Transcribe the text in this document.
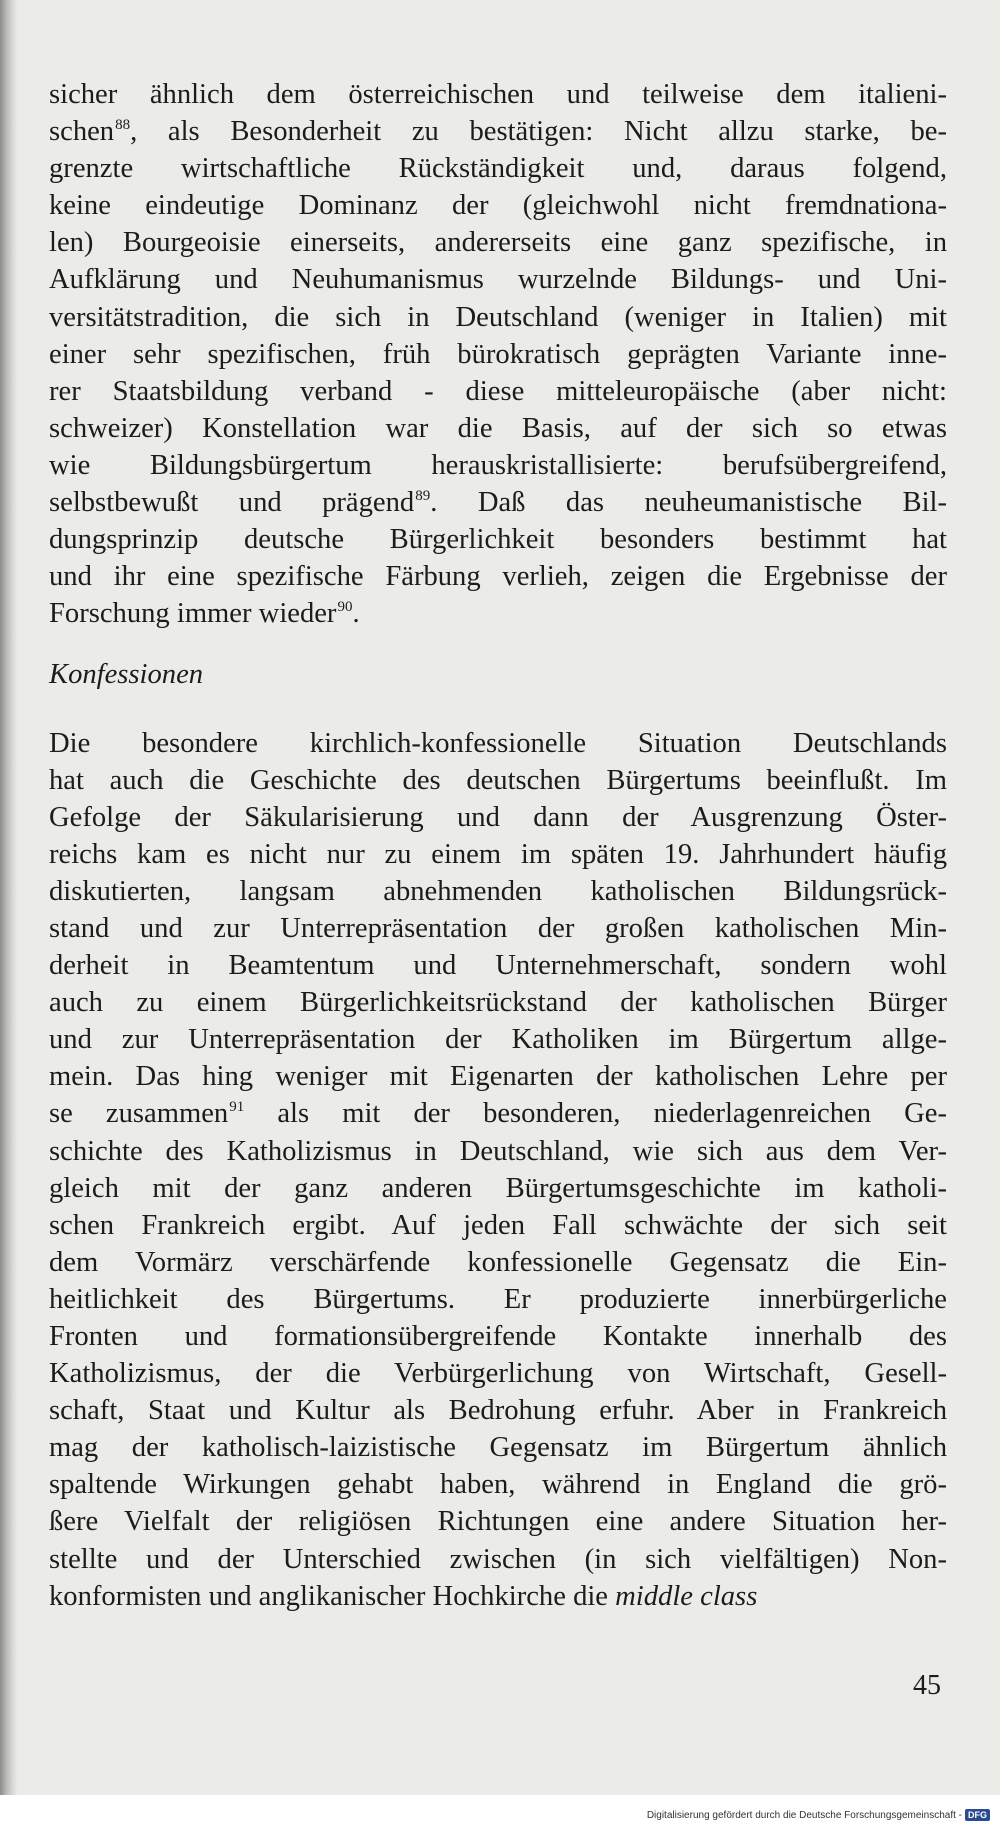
sicher ähnlich dem österreichischen und teilweise dem italieni-
schen$^{88}$, als Besonderheit zu bestätigen: Nicht allzu starke, be-
grenzte wirtschaftliche Rückständigkeit und, daraus folgend,
keine eindeutige Dominanz der (gleichwohl nicht fremdnationa-
len) Bourgeoisie einerseits, andererseits eine ganz spezifische, in
Aufklärung und Neuhumanismus wurzelnde Bildungs- und Uni-
versitätstradition, die sich in Deutschland (weniger in Italien) mit
einer sehr spezifischen, früh bürokratisch geprägten Variante inne-
rer Staatsbildung verband - diese mitteleuropäische (aber nicht:
schweizer) Konstellation war die Basis, auf der sich so etwas
wie Bildungsbürgertum herauskristallisierte: berufsübergreifend,
selbstbewußt und prägend$^{89}$. Daß das neuheumanistische Bil-
dungsprinzip deutsche Bürgerlichkeit besonders bestimmt hat
und ihr eine spezifische Färbung verlieh, zeigen die Ergebnisse der
Forschung immer wieder$^{90}$.

Konfessionen

Die besondere kirchlich-konfessionelle Situation Deutschlands
hat auch die Geschichte des deutschen Bürgertums beeinflußt. Im
Gefolge der Säkularisierung und dann der Ausgrenzung Öster-
reichs kam es nicht nur zu einem im späten 19. Jahrhundert häufig
diskutierten, langsam abnehmenden katholischen Bildungsrück-
stand und zur Unterrepräsentation der großen katholischen Min-
derheit in Beamtentum und Unternehmerschaft, sondern wohl
auch zu einem Bürgerlichkeitsrückstand der katholischen Bürger
und zur Unterrepräsentation der Katholiken im Bürgertum allge-
mein. Das hing weniger mit Eigenarten der katholischen Lehre per
se zusammen$^{91}$ als mit der besonderen, niederlagenreichen Ge-
schichte des Katholizismus in Deutschland, wie sich aus dem Ver-
gleich mit der ganz anderen Bürgertumsgeschichte im katholi-
schen Frankreich ergibt. Auf jeden Fall schwächte der sich seit
dem Vormärz verschärfende konfessionelle Gegensatz die Ein-
heitlichkeit des Bürgertums. Er produzierte innerbürgerliche
Fronten und formationsübergreifende Kontakte innerhalb des
Katholizismus, der die Verbürgerlichung von Wirtschaft, Gesell-
schaft, Staat und Kultur als Bedrohung erfuhr. Aber in Frankreich
mag der katholisch-laizistische Gegensatz im Bürgertum ähnlich
spaltende Wirkungen gehabt haben, während in England die grö-
ßere Vielfalt der religiösen Richtungen eine andere Situation her-
stellte und der Unterschied zwischen (in sich vielfältigen) Non-
konformisten und anglikanischer Hochkirche die middle class

45
Digitalisierung gefördert durch die Deutsche Forschungsgemeinschaft - DFG
